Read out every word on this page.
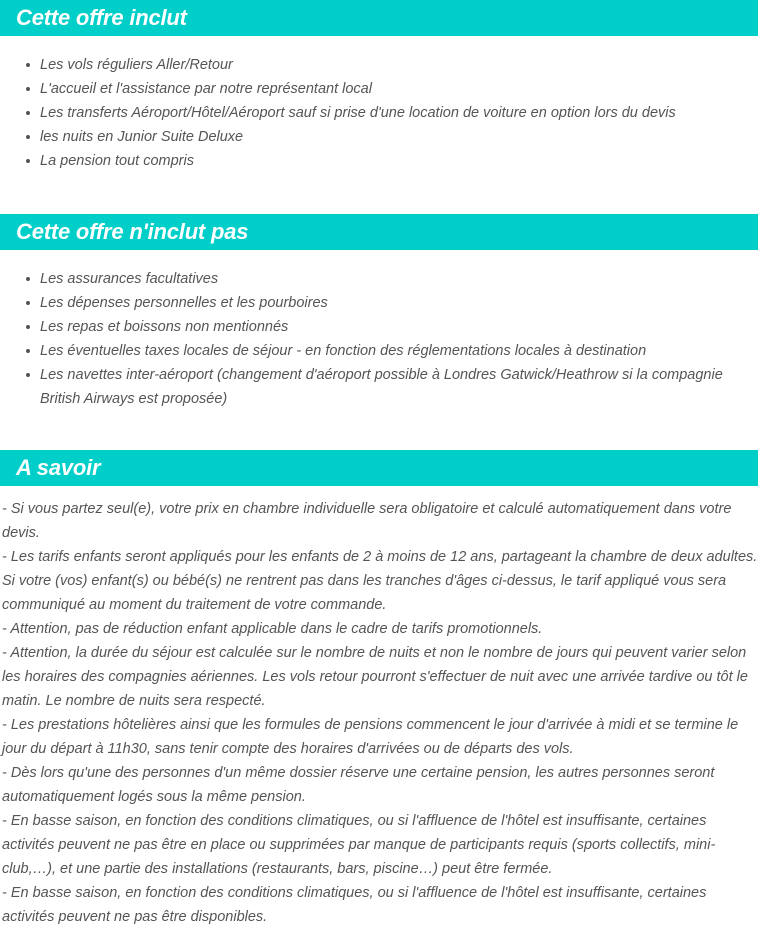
Cette offre inclut
Les vols réguliers Aller/Retour
L'accueil et l'assistance par notre représentant local
Les transferts Aéroport/Hôtel/Aéroport sauf si prise d'une location de voiture en option lors du devis
les nuits en Junior Suite Deluxe
La pension tout compris
Cette offre n'inclut pas
Les assurances facultatives
Les dépenses personnelles et les pourboires
Les repas et boissons non mentionnés
Les éventuelles taxes locales de séjour - en fonction des réglementations locales à destination
Les navettes inter-aéroport (changement d'aéroport possible à Londres Gatwick/Heathrow si la compagnie British Airways est proposée)
A savoir

- Si vous partez seul(e), votre prix en chambre individuelle sera obligatoire et calculé automatiquement dans votre devis.

- Les tarifs enfants seront appliqués pour les enfants de 2 à moins de 12 ans, partageant la chambre de deux adultes. Si votre (vos) enfant(s) ou bébé(s) ne rentrent pas dans les tranches d'âges ci-dessus, le tarif appliqué vous sera communiqué au moment du traitement de votre commande.

- Attention, pas de réduction enfant applicable dans le cadre de tarifs promotionnels.

- Attention, la durée du séjour est calculée sur le nombre de nuits et non le nombre de jours qui peuvent varier selon les horaires des compagnies aériennes. Les vols retour pourront s'effectuer de nuit avec une arrivée tardive ou tôt le matin. Le nombre de nuits sera respecté.

- Les prestations hôtelières ainsi que les formules de pensions commencent le jour d'arrivée à midi et se termine le jour du départ à 11h30, sans tenir compte des horaires d'arrivées ou de départs des vols.

- Dès lors qu'une des personnes d'un même dossier réserve une certaine pension, les autres personnes seront automatiquement logés sous la même pension.

- En basse saison, en fonction des conditions climatiques, ou si l'affluence de l'hôtel est insuffisante, certaines activités peuvent ne pas être en place ou supprimées par manque de participants requis (sports collectifs, mini-club,…), et une partie des installations (restaurants, bars, piscine…) peut être fermée.

- En basse saison, en fonction des conditions climatiques, ou si l'affluence de l'hôtel est insuffisante, certaines activités peuvent ne pas être disponibles.
